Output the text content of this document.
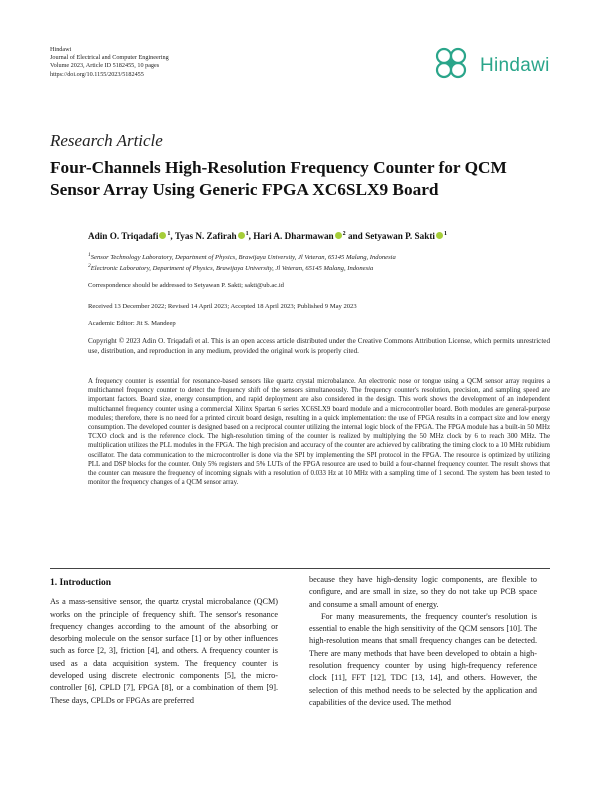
Hindawi
Journal of Electrical and Computer Engineering
Volume 2023, Article ID 5182455, 10 pages
https://doi.org/10.1155/2023/5182455	Hindawi
Research Article
Four-Channels High-Resolution Frequency Counter for QCM Sensor Array Using Generic FPGA XC6SLX9 Board
Adin O. Triqadafi $^1$, Tyas N. Zafirah $^1$, Hari A. Dharmawan $^2$ and Setyawan P. Sakti $^1$
$^1$Sensor Technology Laboratory, Department of Physics, Brawijaya University, Jl Veteran, 65145 Malang, Indonesia
$^2$Electronic Laboratory, Department of Physics, Brawijaya University, Jl Veteran, 65145 Malang, Indonesia
Correspondence should be addressed to Setyawan P. Sakti; sakti@ub.ac.id
Received 13 December 2022; Revised 14 April 2023; Accepted 18 April 2023; Published 9 May 2023
Academic Editor: Jit S. Mandeep
Copyright © 2023 Adin O. Triqadafi et al. This is an open access article distributed under the Creative Commons Attribution License, which permits unrestricted use, distribution, and reproduction in any medium, provided the original work is properly cited.
A frequency counter is essential for resonance-based sensors like quartz crystal microbalance. An electronic nose or tongue using a QCM sensor array requires a multichannel frequency counter to detect the frequency shift of the sensors simultaneously. The frequency counter's resolution, precision, and sampling speed are important factors. Board size, energy consumption, and rapid deployment are also considered in the design. This work shows the development of an independent multichannel frequency counter using a commercial Xilinx Spartan 6 series XC6SLX9 board module and a microcontroller board. Both modules are general-purpose modules; therefore, there is no need for a printed circuit board design, resulting in a quick implementation: the use of FPGA results in a compact size and low energy consumption. The developed counter is designed based on a reciprocal counter utilizing the internal logic block of the FPGA. The FPGA module has a built-in 50 MHz TCXO clock and is the reference clock. The high-resolution timing of the counter is realized by multiplying the 50 MHz clock by 6 to reach 300 MHz. The multiplication utilizes the PLL modules in the FPGA. The high precision and accuracy of the counter are achieved by calibrating the timing clock to a 10 MHz rubidium oscillator. The data communication to the microcontroller is done via the SPI by implementing the SPI protocol in the FPGA. The resource is optimized by utilizing PLL and DSP blocks for the counter. Only 5% registers and 5% LUTs of the FPGA resource are used to build a four-channel frequency counter. The result shows that the counter can measure the frequency of incoming signals with a resolution of 0.033 Hz at 10 MHz with a sampling time of 1 second. The system has been tested to monitor the frequency changes of a QCM sensor array.

1. Introduction

As a mass-sensitive sensor, the quartz crystal microbalance (QCM) works on the principle of frequency shift. The sensor's resonance frequency changes according to the amount of the absorbing or desorbing molecule on the sensor surface [1] or by other influences such as force [2, 3], friction [4], and others. A frequency counter is used as a data acquisition system. The frequency counter is developed using discrete electronic components [5], the micro-controller [6], CPLD [7], FPGA [8], or a combination of them [9]. These days, CPLDs or FPGAs are preferred

because they have high-density logic components, are flexible to configure, and are small in size, so they do not take up PCB space and consume a small amount of energy.

For many measurements, the frequency counter's resolution is essential to enable the high sensitivity of the QCM sensors [10]. The high-resolution means that small frequency changes can be detected. There are many methods that have been developed to obtain a high-resolution frequency counter by using high-frequency reference clock [11], FFT [12], TDC [13, 14], and others. However, the selection of this method needs to be selected by the application and capabilities of the device used. The method
